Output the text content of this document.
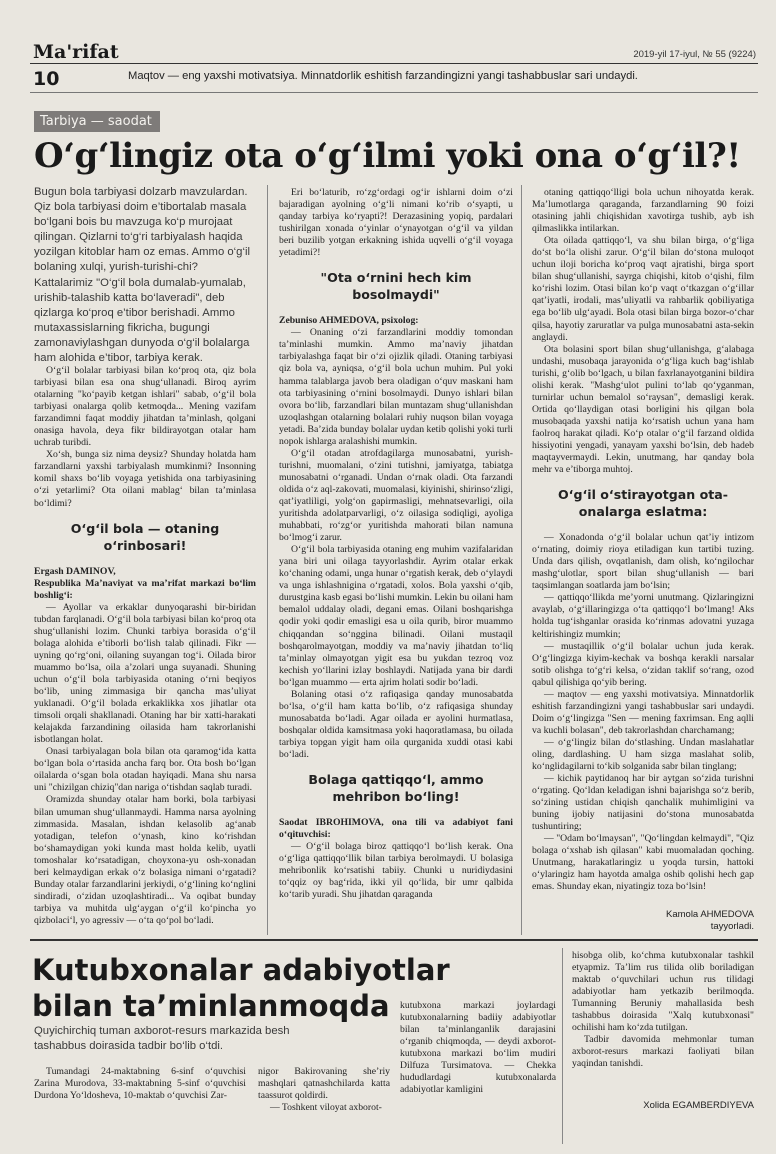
Ma'rifat	2019-yil 17-iyul, № 55 (9224)
10	Maqtov — eng yaxshi motivatsiya. Minnatdorlik eshitish farzandingizni yangi tashabbuslar sari undaydi.
Tarbiya — saodat
O‘g‘lingiz ota o‘g‘ilmi yoki ona o‘g‘il?!
Bugun bola tarbiyasi dolzarb mavzulardan. Qiz bola tarbiyasi doim e’tibortalab masala bo‘lgani bois bu mavzuga ko‘p murojaat qilingan. Qizlarni to‘g‘ri tarbiyalash haqida yozilgan kitoblar ham oz emas. Ammo o‘g‘il bolaning xulqi, yurish-turishi-chi? Kattalarimiz "O‘g‘il bola dumalab-yumalab, urishib-talashib katta bo‘laveradi", deb qizlarga ko‘proq e’tibor berishadi. Ammo mutaxassislarning fikricha, bugungi zamonaviylashgan dunyoda o‘g‘il bolalarga ham alohida e’tibor, tarbiya kerak.

O‘g‘il bolalar tarbiyasi bilan ko‘proq ota, qiz bola tarbiyasi bilan esa ona shug‘ullanadi. Biroq ayrim otalarning "ko‘payib ketgan ishlari" sabab, o‘g‘il bola tarbiyasi onalarga qolib ketmoqda... Mening vazifam farzandimni faqat moddiy jihatdan ta’minlash, qolgani onasiga havola, deya fikr bildirayotgan otalar ham uchrab turibdi.

Xo‘sh, bunga siz nima deysiz? Shunday holatda ham farzandlarni yaxshi tarbiyalash mumkinmi? Insonning komil shaxs bo‘lib voyaga yetishida ona tarbiyasining o‘zi yetarlimi? Ota oilani mablag‘ bilan ta’minlasa bo‘ldimi?

O‘g‘il bola — otaning o‘rinbosari!

Ergash DAMINOV,

Respublika Ma’naviyat va ma’rifat markazi bo‘lim boshlig‘i:

— Ayollar va erkaklar dunyoqarashi bir-biridan tubdan farqlanadi. O‘g‘il bola tarbiyasi bilan ko‘proq ota shug‘ullanishi lozim. Chunki tarbiya borasida o‘g‘il bolaga alohida e’tiborli bo‘lish talab qilinadi. Fikr — uyning qo‘rg‘oni, oilaning suyangan tog‘i. Oilada biror muammo bo‘lsa, oila a’zolari unga suyanadi. Shuning uchun o‘g‘il bola tarbiyasida otaning o‘rni beqiyos bo‘lib, uning zimmasiga bir qancha mas’uliyat yuklanadi. O‘g‘il bolada erkaklikka xos jihatlar ota timsoli orqali shakllanadi. Otaning har bir xatti-harakati kelajakda farzandining oilasida ham takrorlanishi isbotlangan holat.

Onasi tarbiyalagan bola bilan ota qaramog‘ida katta bo‘lgan bola o‘rtasida ancha farq bor. Ota bosh bo‘lgan oilalarda o‘sgan bola otadan hayiqadi. Mana shu narsa uni "chizilgan chiziq"dan nariga o‘tishdan saqlab turadi.

Oramizda shunday otalar ham borki, bola tarbiyasi bilan umuman shug‘ullanmaydi. Hamma narsa ayolning zimmasida. Masalan, ishdan kelasolib ag‘anab yotadigan, telefon o‘ynash, kino ko‘rishdan bo‘shamaydigan yoki kunda mast holda kelib, uyatli tomoshalar ko‘rsatadigan, choyxona-yu osh-xonadan beri kelmaydigan erkak o‘z bolasiga nimani o‘rgatadi? Bunday otalar farzandlarini jerkiydi, o‘g‘lining ko‘nglini sindiradi, o‘zidan uzoqlashtiradi... Va oqibat bunday tarbiya va muhitda ulg‘aygan o‘g‘il ko‘pincha yo qizbolaсi‘l, yo agressiv — o‘ta qo‘pol bo‘ladi.

Eri bo‘laturib, ro‘zg‘ordagi og‘ir ishlarni doim o‘zi bajaradigan ayolning o‘g‘li nimani ko‘rib o‘syapti, u qanday tarbiya ko‘ryapti?! Derazasining yopiq, pardalari tushirilgan xonada o‘yinlar o‘ynayotgan o‘g‘il va yildan beri buzilib yotgan erkakning ishida uqvelli o‘g‘il voyaga yetadimi?!

"Ota o‘rnini hech kim bosolmaydi"

Zebuniso AHMEDOVA, psixolog:

— Onaning o‘zi farzandlarini moddiy tomondan ta’minlashi mumkin. Ammo ma’naviy jihatdan tarbiyalashga faqat bir o‘zi ojizlik qiladi. Otaning tarbiyasi qiz bola va, ayniqsa, o‘g‘il bola uchun muhim. Pul yoki hamma talablarga javob bera oladigan o‘quv maskani ham ota tarbiyasining o‘rnini bosolmaydi. Dunyo ishlari bilan ovora bo‘lib, farzandlari bilan muntazam shug‘ullanishdan uzoqlashgan otalarning bolalari ruhiy nuqson bilan voyaga yetadi. Ba’zida bunday bolalar uydan ketib qolishi yoki turli nopok ishlarga aralashishi mumkin.

O‘g‘il otadan atrofdagilarga munosabatni, yurish-turishni, muomalani, o‘zini tutishni, jamiyatga, tabiatga munosabatni o‘rganadi. Undan o‘rnak oladi. Ota farzandi oldida o‘z aql-zakovati, muomalasi, kiyinishi, shirinso‘zligi, qat’iyatliligi, yolg‘on gapirmasligi, mehnatsevarligi, oila yuritishda adolatparvarligi, o‘z oilasiga sodiqligi, ayoliga muhabbati, ro‘zg‘or yuritishda mahorati bilan namuna bo‘lmog‘i zarur.

O‘g‘il bola tarbiyasida otaning eng muhim vazifalaridan yana biri uni oilaga tayyorlashdir. Ayrim otalar erkak ko‘chaning odami, unga hunar o‘rgatish kerak, deb o‘ylaydi va unga ishlashnigina o‘rgatadi, xolos. Bola yaxshi o‘qib, durustgina kasb egasi bo‘lishi mumkin. Lekin bu oilani ham bemalol uddalay oladi, degani emas. Oilani boshqarishga qodir yoki qodir emasligi esa u oila qurib, biror muammo chiqqandan so‘nggina bilinadi. Oilani mustaqil boshqarolmayotgan, moddiy va ma’naviy jihatdan to‘liq ta’minlay olmayotgan yigit esa bu yukdan tezroq voz kechish yo‘llarini izlay boshlaydi. Natijada yana bir dardi bo‘lgan muammo — erta ajrim holati sodir bo‘ladi.

Bolaning otasi o‘z rafiqasiga qanday munosabatda bo‘lsa, o‘g‘il ham katta bo‘lib, o‘z rafiqasiga shunday munosabatda bo‘ladi. Agar oilada er ayolini hurmatlasa, boshqalar oldida kamsitmasa yoki haqoratlamasa, bu oilada tarbiya topgan yigit ham oila qurganida xuddi otasi kabi bo‘ladi.

Bolaga qattiqqo‘l, ammo mehribon bo‘ling!

Saodat IBROHIMOVA, ona tili va adabiyot fani o‘qituvchisi:

— O‘g‘il bolaga biroz qattiqqo‘l bo‘lish kerak. Ona o‘g‘liga qattiqqo‘llik bilan tarbiya berolmaydi. U bolasiga mehribonlik ko‘rsatishi tabiiy. Chunki u nuridiydasini to‘qqiz oy bag‘rida, ikki yil qo‘lida, bir umr qalbida ko‘tarib yuradi. Shu jihatdan qaraganda

otaning qattiqqo‘lligi bola uchun nihoyatda kerak. Ma’lumotlarga qaraganda, farzandlarning 90 foizi otasining jahli chiqishidan xavotirga tushib, ayb ish qilmaslikka intilarkan.

Ota oilada qattiqqo‘l, va shu bilan birga, o‘g‘liga do‘st bo‘la olishi zarur. O‘g‘il bilan do‘stona muloqot uchun iloji boricha ko‘proq vaqt ajratishi, birga sport bilan shug‘ullanishi, sayrga chiqishi, kitob o‘qishi, film ko‘rishi lozim. Otasi bilan ko‘p vaqt o‘tkazgan o‘g‘illar qat’iyatli, irodali, mas’uliyatli va rahbarlik qobiliyatiga ega bo‘lib ulg‘ayadi. Bola otasi bilan birga bozor-o‘char qilsa, hayotiy zaruratlar va pulga munosabatni asta-sekin anglaydi.

Ota bolasini sport bilan shug‘ullanishga, g‘alabaga undashi, musobaqa jarayonida o‘g‘liga kuch bag‘ishlab turishi, g‘olib bo‘lgach, u bilan faxrlanayotganini bildira olishi kerak. "Mashg‘ulot pulini to‘lab qo‘yganman, turnirlar uchun bemalol so‘raysan", demasligi kerak. Ortida qo‘llaydigan otasi borligini his qilgan bola musobaqada yaxshi natija ko‘rsatish uchun yana ham faolroq harakat qiladi. Ko‘p otalar o‘g‘il farzand oldida hissiyotini yengadi, yanayam yaxshi bo‘lsin, deb hadeb maqtayvermaydi. Lekin, unutmang, har qanday bola mehr va e’tiborga muhtoj.

O‘g‘il o‘stirayotgan ota-onalarga eslatma:

— Xonadonda o‘g‘il bolalar uchun qat’iy intizom o‘rnating, doimiy rioya etiladigan kun tartibi tuzing. Unda dars qilish, ovqatlanish, dam olish, ko‘ngilochar mashg‘ulotlar, sport bilan shug‘ullanish — bari taqsimlangan soatlarda jam bo‘lsin;

— qattiqqo‘llikda me’yorni unutmang. Qizlaringizni avaylab, o‘g‘illaringizga o‘ta qattiqqo‘l bo‘lmang! Aks holda tug‘ishganlar orasida ko‘rinmas adovatni yuzaga keltirishingiz mumkin;

— mustaqillik o‘g‘il bolalar uchun juda kerak. O‘g‘lingizga kiyim-kechak va boshqa kerakli narsalar sotib olishga to‘g‘ri kelsa, o‘zidan taklif so‘rang, ozod qabul qilishiga qo‘yib bering.

— maqtov — eng yaxshi motivatsiya. Minnatdorlik eshitish farzandingizni yangi tashabbuslar sari undaydi. Doim o‘g‘lingizga "Sen — mening faxrimsan. Eng aqlli va kuchli bolasan", deb takrorlashdan charchamang;

— o‘g‘lingiz bilan do‘stlashing. Undan maslahatlar oling, dardlashing. U ham sizga maslahat solib, ko‘nglidagilarni to‘kib solganida sabr bilan tinglang;

— kichik paytidanoq har bir aytgan so‘zida turishni o‘rgating. Qo‘ldan keladigan ishni bajarishga so‘z berib, so‘zining ustidan chiqish qanchalik muhimligini va buning ijobiy natijasini do‘stona munosabatda tushuntiring;

— "Odam bo‘lmaysan", "Qo‘lingdan kelmaydi", "Qiz bolaga o‘xshab ish qilasan" kabi muomaladan qoching. Unutmang, harakatlaringiz u yoqda tursin, hattoki o‘ylaringiz ham hayotda amalga oshib qolishi hech gap emas. Shunday ekan, niyatingiz toza bo‘lsin!

Kamola AHMEDOVA
tayyorladi.
Kutubxonalar adabiyotlar bilan ta’minlanmoqda
Quyichirchiq tuman axborot-resurs markazida besh tashabbus doirasida tadbir bo‘lib o‘tdi.

Tumandagi 24-maktabning 6-sinf o‘quvchisi Zarina Murodova, 33-maktabning 5-sinf o‘quvchisi Durdona Yo‘ldosheva, 10-maktab o‘quvchisi Zar-

nigor Bakirovaning she’riy mashqlari qatnashchilarda katta taassurot qoldirdi.

— Toshkent viloyat axborot-

kutubxona markazi joylardagi kutubxonalarning badiiy adabiyotlar bilan ta’minlanganlik darajasini o‘rganib chiqmoqda, — deydi axborot-kutubxona markazi bo‘lim mudiri Dilfuza Tursimatova. — Chekka hududlardagi kutubxonalarda adabiyotlar kamligini

hisobga olib, ko‘chma kutubxonalar tashkil etyapmiz. Ta’lim rus tilida olib boriladigan maktab o‘quvchilari uchun rus tilidagi adabiyotlar ham yetkazib berilmoqda. Tumanning Beruniy mahallasida besh tashabbus doirasida "Xalq kutubxonasi" ochilishi ham ko‘zda tutilgan.

Tadbir davomida mehmonlar tuman axborot-resurs markazi faoliyati bilan yaqindan tanishdi.

Xolida EGAMBERDIYEVA
